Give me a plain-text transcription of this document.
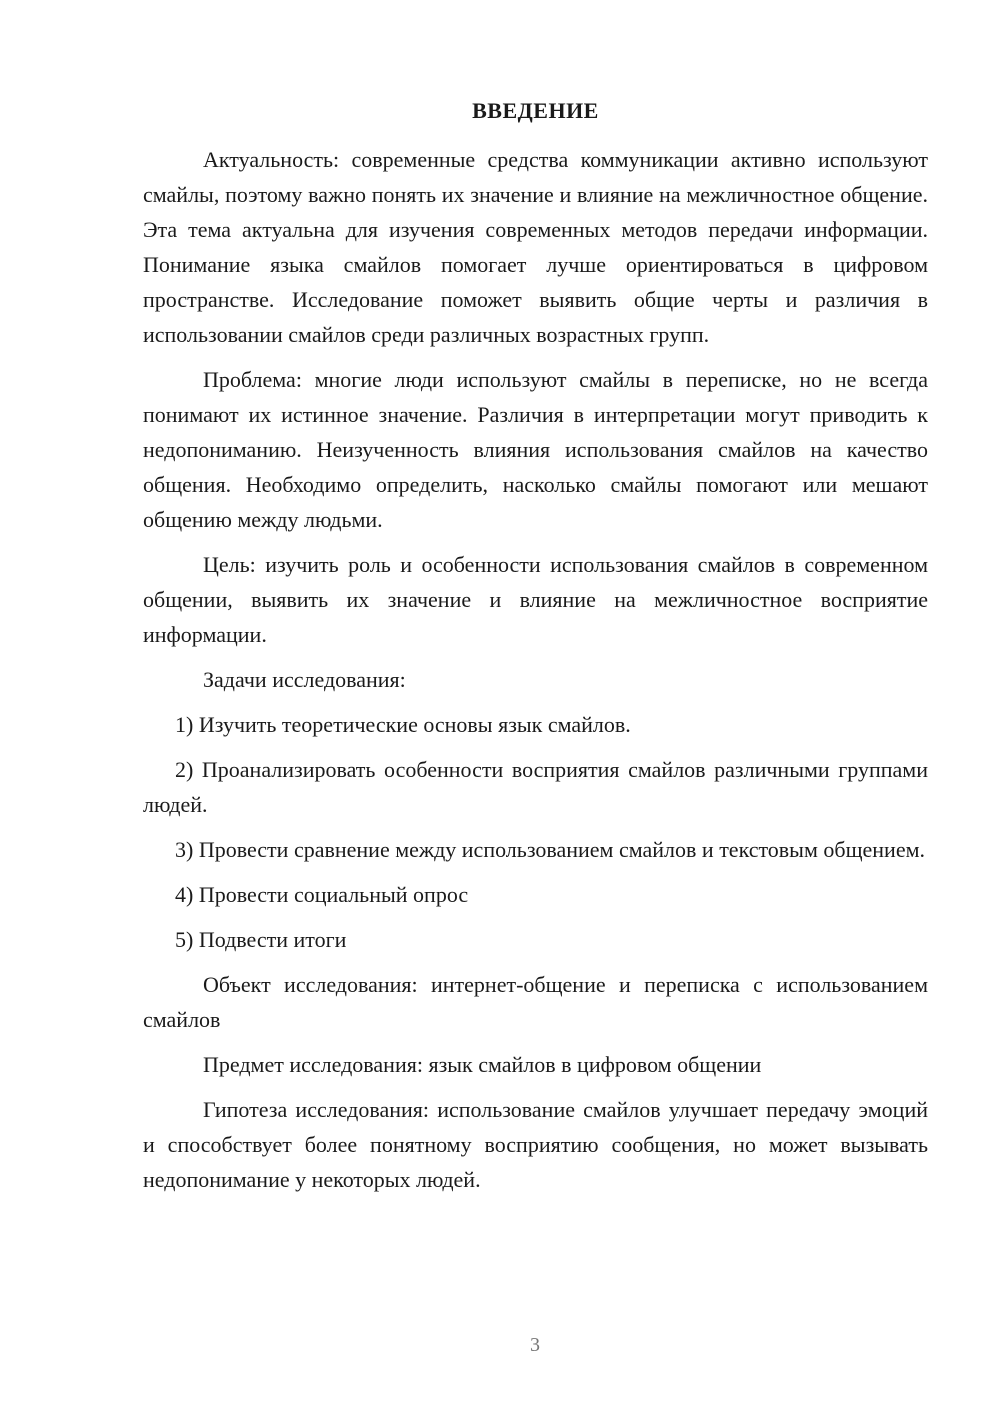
ВВЕДЕНИЕ

Актуальность: современные средства коммуникации активно используют смайлы, поэтому важно понять их значение и влияние на межличностное общение. Эта тема актуальна для изучения современных методов передачи информации. Понимание языка смайлов помогает лучше ориентироваться в цифровом пространстве. Исследование поможет выявить общие черты и различия в использовании смайлов среди различных возрастных групп.

Проблема: многие люди используют смайлы в переписке, но не всегда понимают их истинное значение. Различия в интерпретации могут приводить к недопониманию. Неизученность влияния использования смайлов на качество общения. Необходимо определить, насколько смайлы помогают или мешают общению между людьми.

Цель: изучить роль и особенности использования смайлов в современном общении, выявить их значение и влияние на межличностное восприятие информации.

Задачи исследования:

1) Изучить теоретические основы язык смайлов.

2) Проанализировать особенности восприятия смайлов различными группами людей.

3) Провести сравнение между использованием смайлов и текстовым общением.

4) Провести социальный опрос

5) Подвести итоги

Объект исследования: интернет-общение и переписка с использованием смайлов

Предмет исследования: язык смайлов в цифровом общении

Гипотеза исследования: использование смайлов улучшает передачу эмоций и способствует более понятному восприятию сообщения, но может вызывать недопонимание у некоторых людей.

3
